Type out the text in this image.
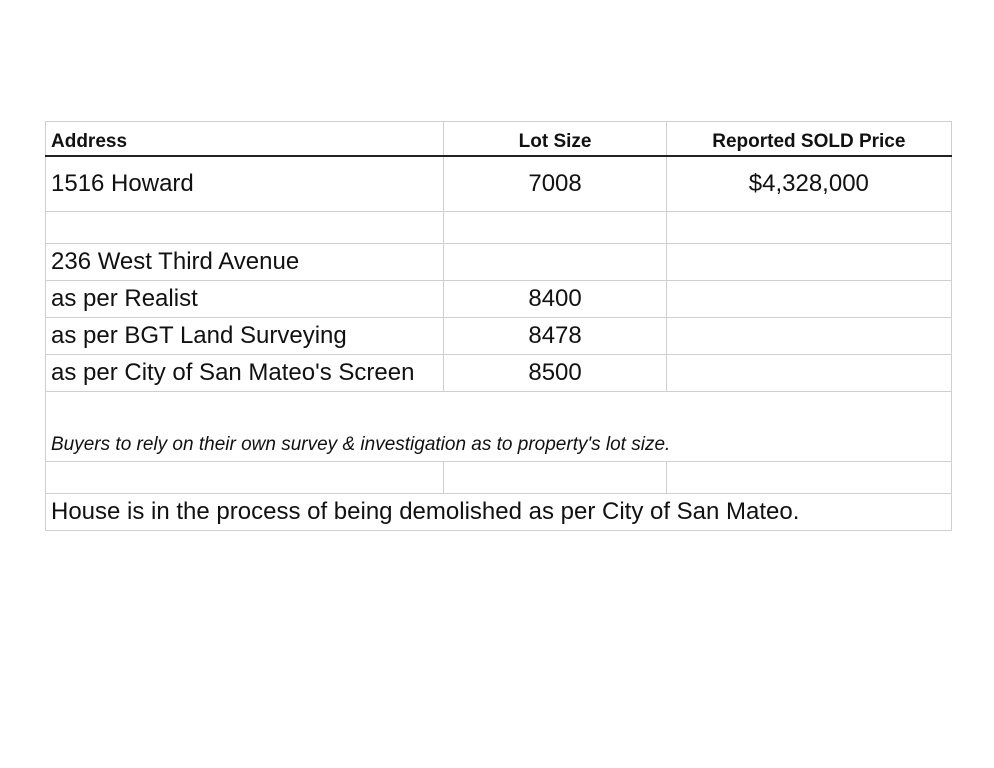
Address	Lot Size	Reported SOLD Price
1516 Howard	7008	$4,328,000

236 West Third Avenue		
as per Realist	8400	
as per BGT Land Surveying	8478	
as per City of San Mateo's Screen	8500	
Buyers to rely on their own survey & investigation as to property's lot size.		

House is in the process of being demolished as per City of San Mateo.		
